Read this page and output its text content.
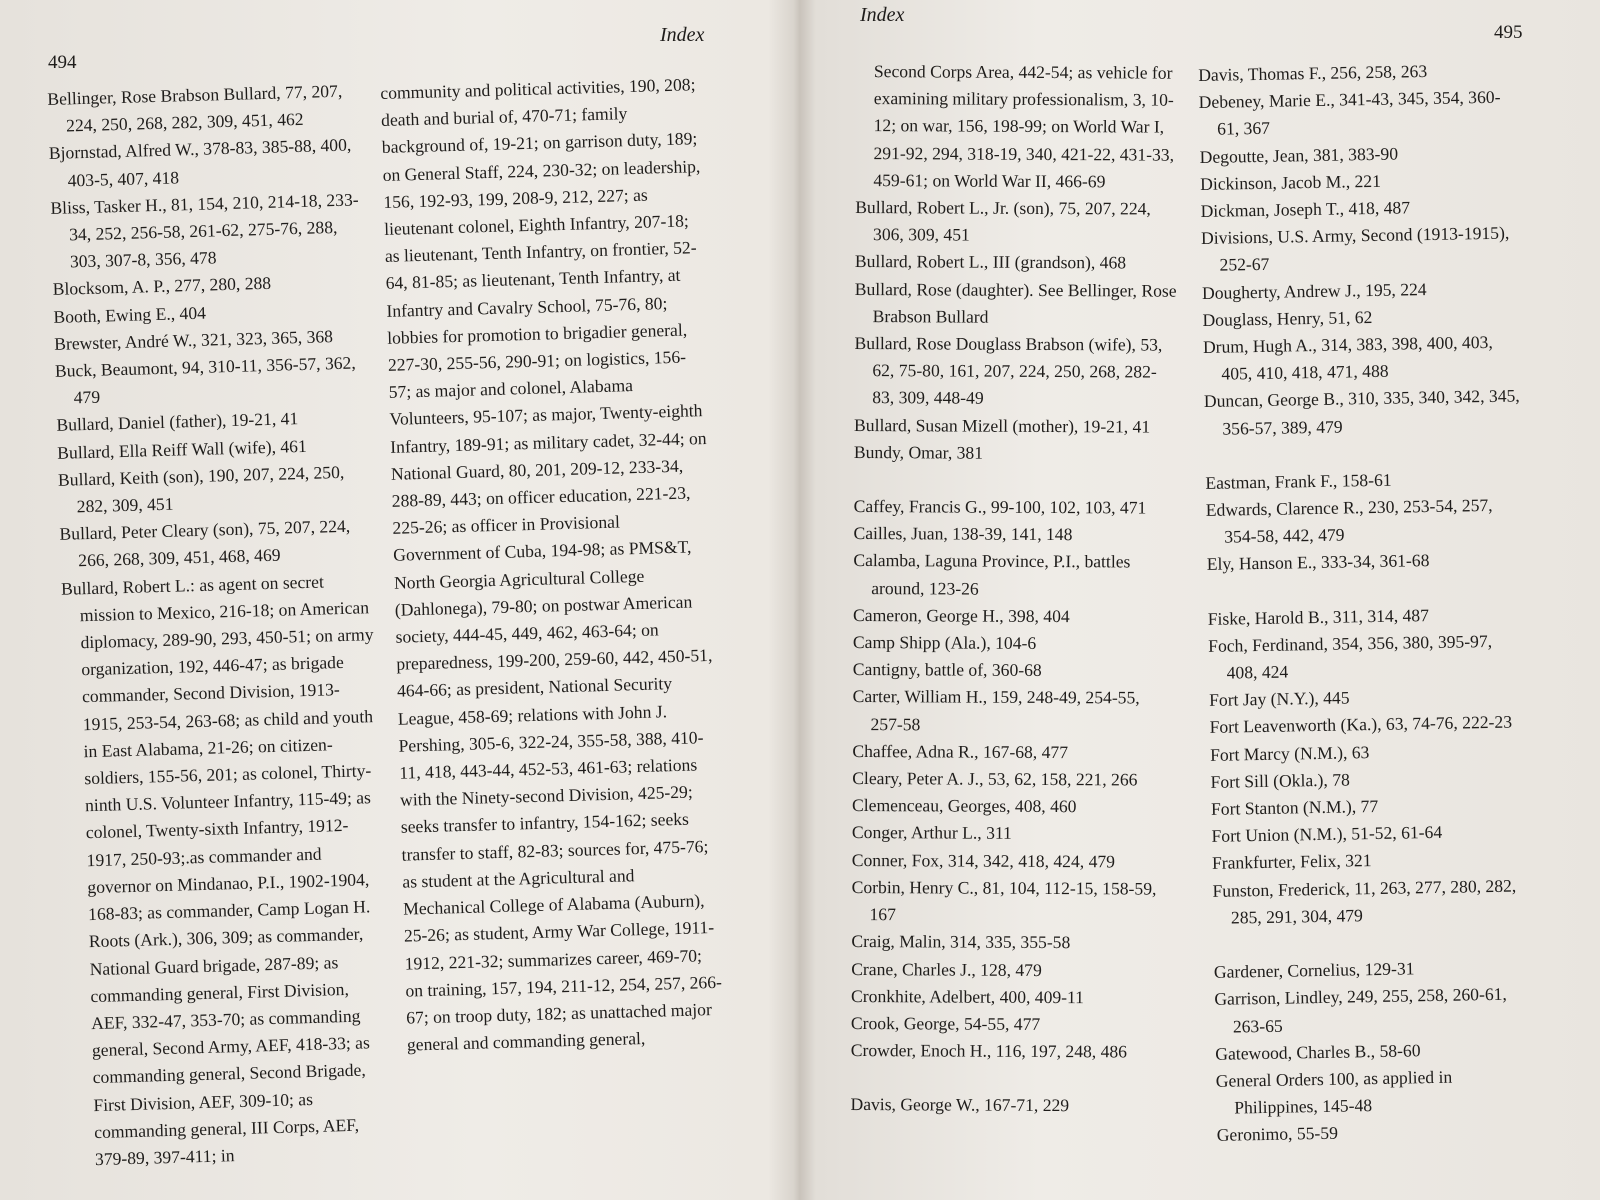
494
Index

Bellinger, Rose Brabson Bullard, 77, 207, 224, 250, 268, 282, 309, 451, 462

Bjornstad, Alfred W., 378-83, 385-88, 400, 403-5, 407, 418

Bliss, Tasker H., 81, 154, 210, 214-18, 233-34, 252, 256-58, 261-62, 275-76, 288, 303, 307-8, 356, 478

Blocksom, A. P., 277, 280, 288

Booth, Ewing E., 404

Brewster, André W., 321, 323, 365, 368

Buck, Beaumont, 94, 310-11, 356-57, 362, 479

Bullard, Daniel (father), 19-21, 41

Bullard, Ella Reiff Wall (wife), 461

Bullard, Keith (son), 190, 207, 224, 250, 282, 309, 451

Bullard, Peter Cleary (son), 75, 207, 224, 266, 268, 309, 451, 468, 469

Bullard, Robert L.: as agent on secret mission to Mexico, 216-18; on American diplomacy, 289-90, 293, 450-51; on army organization, 192, 446-47; as brigade commander, Second Division, 1913-1915, 253-54, 263-68; as child and youth in East Alabama, 21-26; on citizen-soldiers, 155-56, 201; as colonel, Thirty-ninth U.S. Volunteer Infantry, 115-49; as colonel, Twenty-sixth Infantry, 1912-1917, 250-93;.as commander and governor on Mindanao, P.I., 1902-1904, 168-83; as commander, Camp Logan H. Roots (Ark.), 306, 309; as commander, National Guard brigade, 287-89; as commanding general, First Division, AEF, 332-47, 353-70; as commanding general, Second Army, AEF, 418-33; as commanding general, Second Brigade, First Division, AEF, 309-10; as commanding general, III Corps, AEF, 379-89, 397-411; in

community and political activities, 190, 208; death and burial of, 470-71; family background of, 19-21; on garrison duty, 189; on General Staff, 224, 230-32; on leadership, 156, 192-93, 199, 208-9, 212, 227; as lieutenant colonel, Eighth Infantry, 207-18; as lieutenant, Tenth Infantry, on frontier, 52-64, 81-85; as lieutenant, Tenth Infantry, at Infantry and Cavalry School, 75-76, 80; lobbies for promotion to brigadier general, 227-30, 255-56, 290-91; on logistics, 156-57; as major and colonel, Alabama Volunteers, 95-107; as major, Twenty-eighth Infantry, 189-91; as military cadet, 32-44; on National Guard, 80, 201, 209-12, 233-34, 288-89, 443; on officer education, 221-23, 225-26; as officer in Provisional Government of Cuba, 194-98; as PMS&T, North Georgia Agricultural College (Dahlonega), 79-80; on postwar American society, 444-45, 449, 462, 463-64; on preparedness, 199-200, 259-60, 442, 450-51, 464-66; as president, National Security League, 458-69; relations with John J. Pershing, 305-6, 322-24, 355-58, 388, 410-11, 418, 443-44, 452-53, 461-63; relations with the Ninety-second Division, 425-29; seeks transfer to infantry, 154-162; seeks transfer to staff, 82-83; sources for, 475-76; as student at the Agricultural and Mechanical College of Alabama (Auburn), 25-26; as student, Army War College, 1911-1912, 221-32; summarizes career, 469-70; on training, 157, 194, 211-12, 254, 257, 266-67; on troop duty, 182; as unattached major general and commanding general,

Index
495

Second Corps Area, 442-54; as vehicle for examining military professionalism, 3, 10-12; on war, 156, 198-99; on World War I, 291-92, 294, 318-19, 340, 421-22, 431-33, 459-61; on World War II, 466-69

Bullard, Robert L., Jr. (son), 75, 207, 224, 306, 309, 451

Bullard, Robert L., III (grandson), 468

Bullard, Rose (daughter). See Bellinger, Rose Brabson Bullard

Bullard, Rose Douglass Brabson (wife), 53, 62, 75-80, 161, 207, 224, 250, 268, 282-83, 309, 448-49

Bullard, Susan Mizell (mother), 19-21, 41

Bundy, Omar, 381

Caffey, Francis G., 99-100, 102, 103, 471

Cailles, Juan, 138-39, 141, 148

Calamba, Laguna Province, P.I., battles around, 123-26

Cameron, George H., 398, 404

Camp Shipp (Ala.), 104-6

Cantigny, battle of, 360-68

Carter, William H., 159, 248-49, 254-55, 257-58

Chaffee, Adna R., 167-68, 477

Cleary, Peter A. J., 53, 62, 158, 221, 266

Clemenceau, Georges, 408, 460

Conger, Arthur L., 311

Conner, Fox, 314, 342, 418, 424, 479

Corbin, Henry C., 81, 104, 112-15, 158-59, 167

Craig, Malin, 314, 335, 355-58

Crane, Charles J., 128, 479

Cronkhite, Adelbert, 400, 409-11

Crook, George, 54-55, 477

Crowder, Enoch H., 116, 197, 248, 486

Davis, George W., 167-71, 229

Davis, Thomas F., 256, 258, 263

Debeney, Marie E., 341-43, 345, 354, 360-61, 367

Degoutte, Jean, 381, 383-90

Dickinson, Jacob M., 221

Dickman, Joseph T., 418, 487

Divisions, U.S. Army, Second (1913-1915), 252-67

Dougherty, Andrew J., 195, 224

Douglass, Henry, 51, 62

Drum, Hugh A., 314, 383, 398, 400, 403, 405, 410, 418, 471, 488

Duncan, George B., 310, 335, 340, 342, 345, 356-57, 389, 479

Eastman, Frank F., 158-61

Edwards, Clarence R., 230, 253-54, 257, 354-58, 442, 479

Ely, Hanson E., 333-34, 361-68

Fiske, Harold B., 311, 314, 487

Foch, Ferdinand, 354, 356, 380, 395-97, 408, 424

Fort Jay (N.Y.), 445

Fort Leavenworth (Ka.), 63, 74-76, 222-23

Fort Marcy (N.M.), 63

Fort Sill (Okla.), 78

Fort Stanton (N.M.), 77

Fort Union (N.M.), 51-52, 61-64

Frankfurter, Felix, 321

Funston, Frederick, 11, 263, 277, 280, 282, 285, 291, 304, 479

Gardener, Cornelius, 129-31

Garrison, Lindley, 249, 255, 258, 260-61, 263-65

Gatewood, Charles B., 58-60

General Orders 100, as applied in Philippines, 145-48

Geronimo, 55-59
